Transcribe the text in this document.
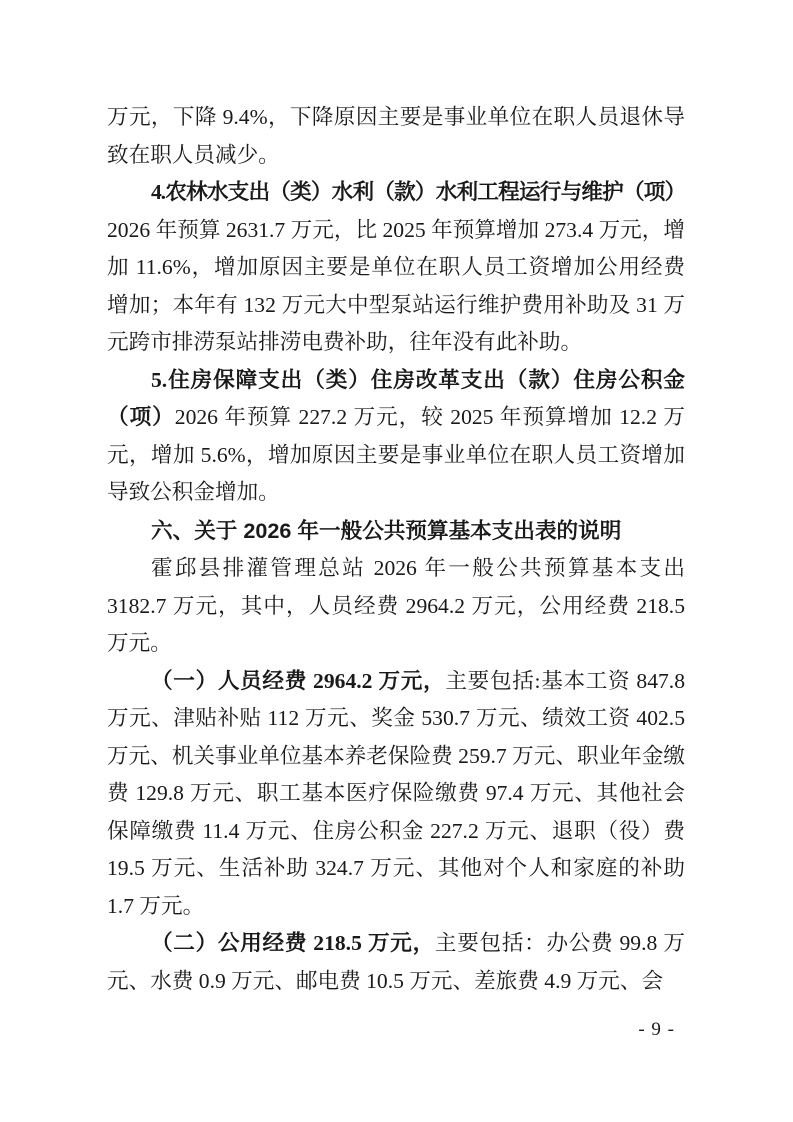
万元，下降 9.4%，下降原因主要是事业单位在职人员退休导致在职人员减少。

4.农林水支出（类）水利（款）水利工程运行与维护（项）2026 年预算 2631.7 万元，比 2025 年预算增加 273.4 万元，增加 11.6%，增加原因主要是单位在职人员工资增加公用经费增加；本年有 132 万元大中型泵站运行维护费用补助及 31 万元跨市排涝泵站排涝电费补助，往年没有此补助。

5.住房保障支出（类）住房改革支出（款）住房公积金（项）2026 年预算 227.2 万元，较 2025 年预算增加 12.2 万元，增加 5.6%，增加原因主要是事业单位在职人员工资增加导致公积金增加。

六、关于 2026 年一般公共预算基本支出表的说明

霍邱县排灌管理总站 2026 年一般公共预算基本支出 3182.7 万元，其中，人员经费 2964.2 万元，公用经费 218.5 万元。

（一）人员经费 2964.2 万元，主要包括:基本工资 847.8 万元、津贴补贴 112 万元、奖金 530.7 万元、绩效工资 402.5 万元、机关事业单位基本养老保险费 259.7 万元、职业年金缴费 129.8 万元、职工基本医疗保险缴费 97.4 万元、其他社会保障缴费 11.4 万元、住房公积金 227.2 万元、退职（役）费 19.5 万元、生活补助 324.7 万元、其他对个人和家庭的补助 1.7 万元。

（二）公用经费 218.5 万元，主要包括：办公费 99.8 万元、水费 0.9 万元、邮电费 10.5 万元、差旅费 4.9 万元、会

- 9 -
